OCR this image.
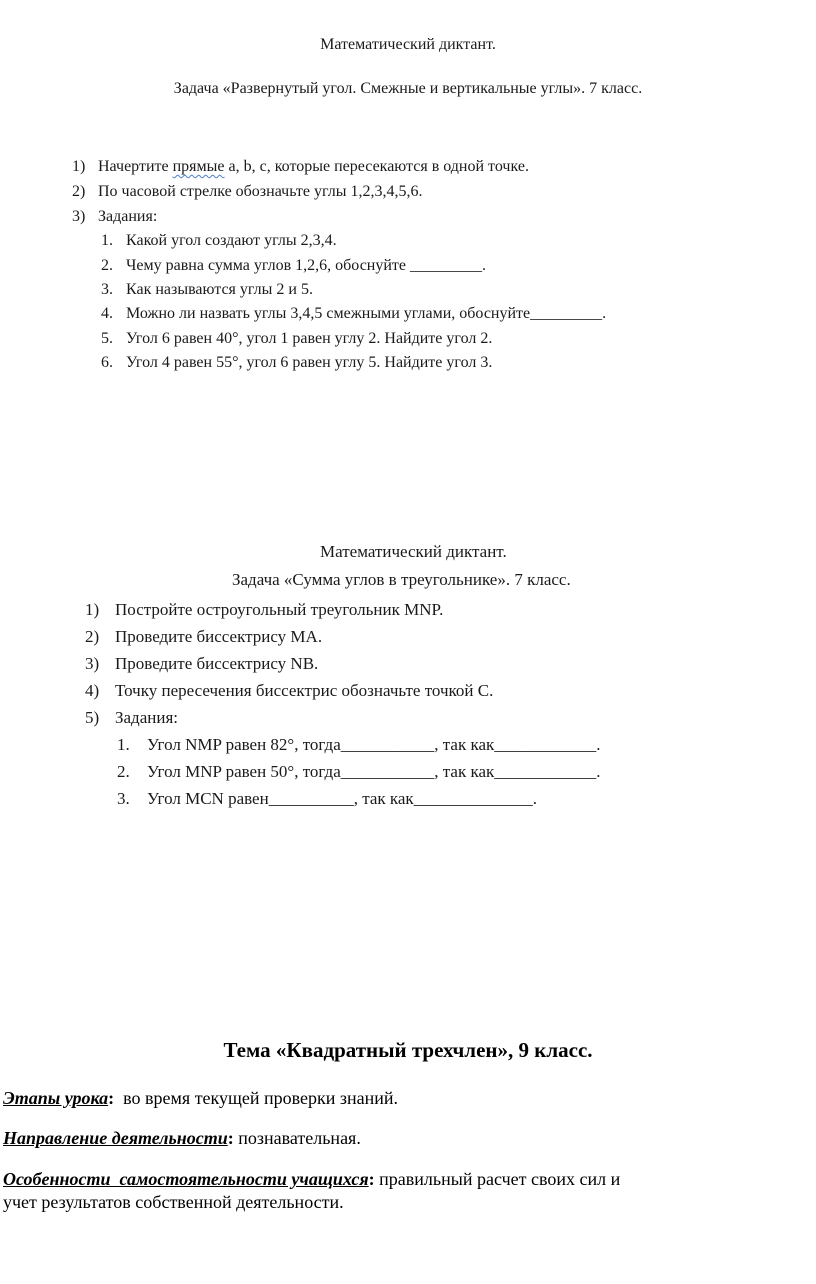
Математический диктант.
Задача «Развернутый угол. Смежные и вертикальные углы». 7 класс.
1) Начертите прямые a, b, c, которые пересекаются в одной точке.
2) По часовой стрелке обозначьте углы 1,2,3,4,5,6.
3) Задания:
1. Какой угол создают углы 2,3,4.
2. Чему равна сумма углов 1,2,6, обоснуйте _________.
3. Как называются углы 2 и 5.
4. Можно ли назвать углы 3,4,5 смежными углами, обоснуйте_________.
5. Угол 6 равен 40°, угол 1 равен углу 2. Найдите угол 2.
6. Угол 4 равен 55°, угол 6 равен углу 5. Найдите угол 3.
Математический диктант.
Задача «Сумма углов в треугольнике». 7 класс.
1) Постройте остроугольный треугольник MNP.
2) Проведите биссектрису MA.
3) Проведите биссектрису NB.
4) Точку пересечения биссектрис обозначьте точкой C.
5) Задания:
1. Угол NMP равен 82°, тогда___________, так как____________.
2. Угол MNP равен 50°, тогда___________, так как____________.
3. Угол MCN равен__________, так как______________.
Тема «Квадратный трехчлен», 9 класс.
Этапы урока:  во время текущей проверки знаний.
Направление деятельности: познавательная.
Особенности  самостоятельности учащихся: правильный расчет своих сил и
учет результатов собственной деятельности.
